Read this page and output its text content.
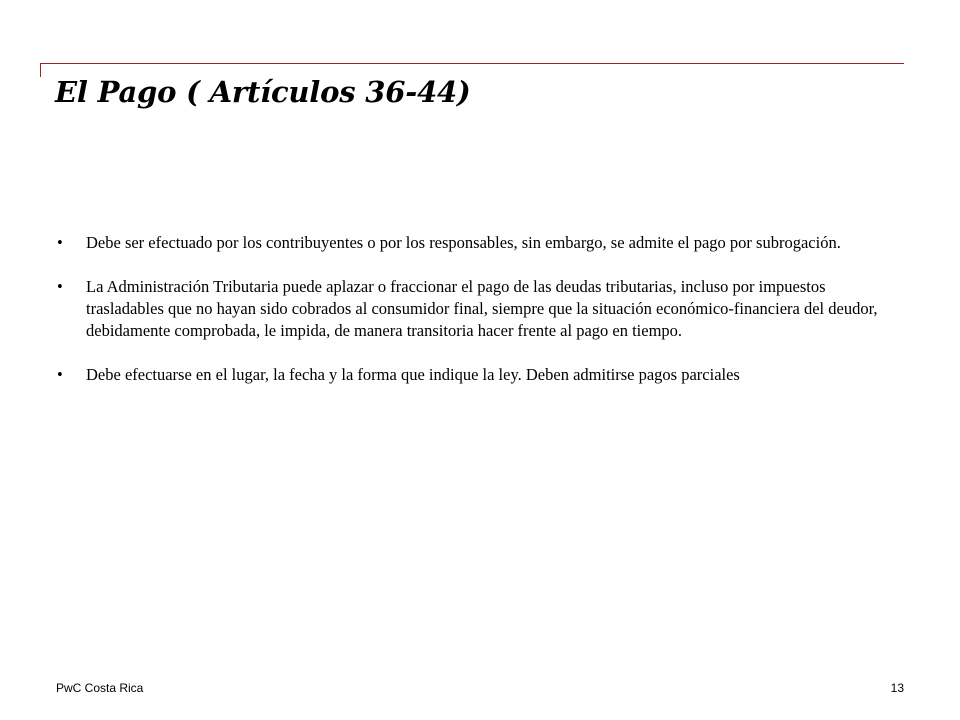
El Pago ( Artículos 36-44)
•	Debe ser efectuado por los contribuyentes o por los responsables, sin embargo, se admite el pago por subrogación.
•	La Administración Tributaria puede aplazar o fraccionar el pago de las deudas tributarias, incluso por impuestos trasladables que no hayan sido cobrados al consumidor final, siempre que la situación económico-financiera del deudor, debidamente comprobada, le impida, de manera transitoria hacer frente al pago en tiempo.
•	Debe efectuarse en el lugar, la fecha y la forma que indique la ley. Deben admitirse pagos parciales
PwC Costa Rica	13
